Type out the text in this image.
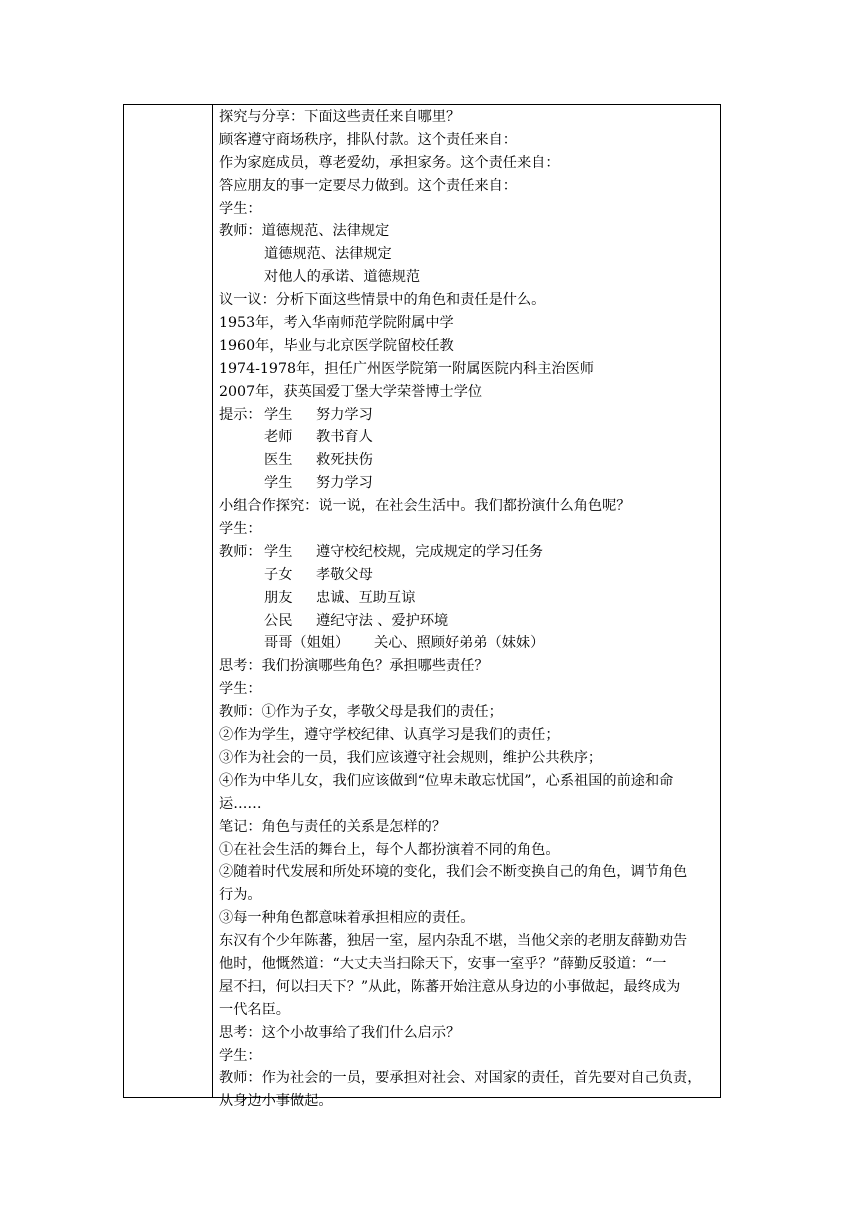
探究与分享：下面这些责任来自哪里？
顾客遵守商场秩序，排队付款。这个责任来自：
作为家庭成员，尊老爱幼，承担家务。这个责任来自：
答应朋友的事一定要尽力做到。这个责任来自：
学生：
教师：道德规范、法律规定
道德规范、法律规定
对他人的承诺、道德规范
议一议：分析下面这些情景中的角色和责任是什么。
1953年，考入华南师范学院附属中学
1960年，毕业与北京医学院留校任教
1974-1978年，担任广州医学院第一附属医院内科主治医师
2007年，获英国爱丁堡大学荣誉博士学位
提示： 学生 努力学习
老师 教书育人
医生 救死扶伤
学生 努力学习
小组合作探究：说一说，在社会生活中。我们都扮演什么角色呢？
学生：
教师： 学生 遵守校纪校规，完成规定的学习任务
子女 孝敬父母
朋友 忠诚、互助互谅
公民 遵纪守法 、爱护环境
哥哥（姐姐） 关心、照顾好弟弟（妹妹）
思考：我们扮演哪些角色？承担哪些责任？
学生：
教师：①作为子女，孝敬父母是我们的责任；
②作为学生，遵守学校纪律、认真学习是我们的责任；
③作为社会的一员，我们应该遵守社会规则，维护公共秩序；
④作为中华儿女，我们应该做到“位卑未敢忘忧国”，心系祖国的前途和命
运……
笔记：角色与责任的关系是怎样的？
①在社会生活的舞台上，每个人都扮演着不同的角色。
②随着时代发展和所处环境的变化，我们会不断变换自己的角色，调节角色
行为。
③每一种角色都意味着承担相应的责任。
东汉有个少年陈蕃，独居一室，屋内杂乱不堪，当他父亲的老朋友薛勤劝告
他时，他慨然道：“大丈夫当扫除天下，安事一室乎？”薛勤反驳道：“一
屋不扫，何以扫天下？”从此，陈蕃开始注意从身边的小事做起，最终成为
一代名臣。
思考：这个小故事给了我们什么启示？
学生：
教师：作为社会的一员，要承担对社会、对国家的责任，首先要对自己负责，
从身边小事做起。
